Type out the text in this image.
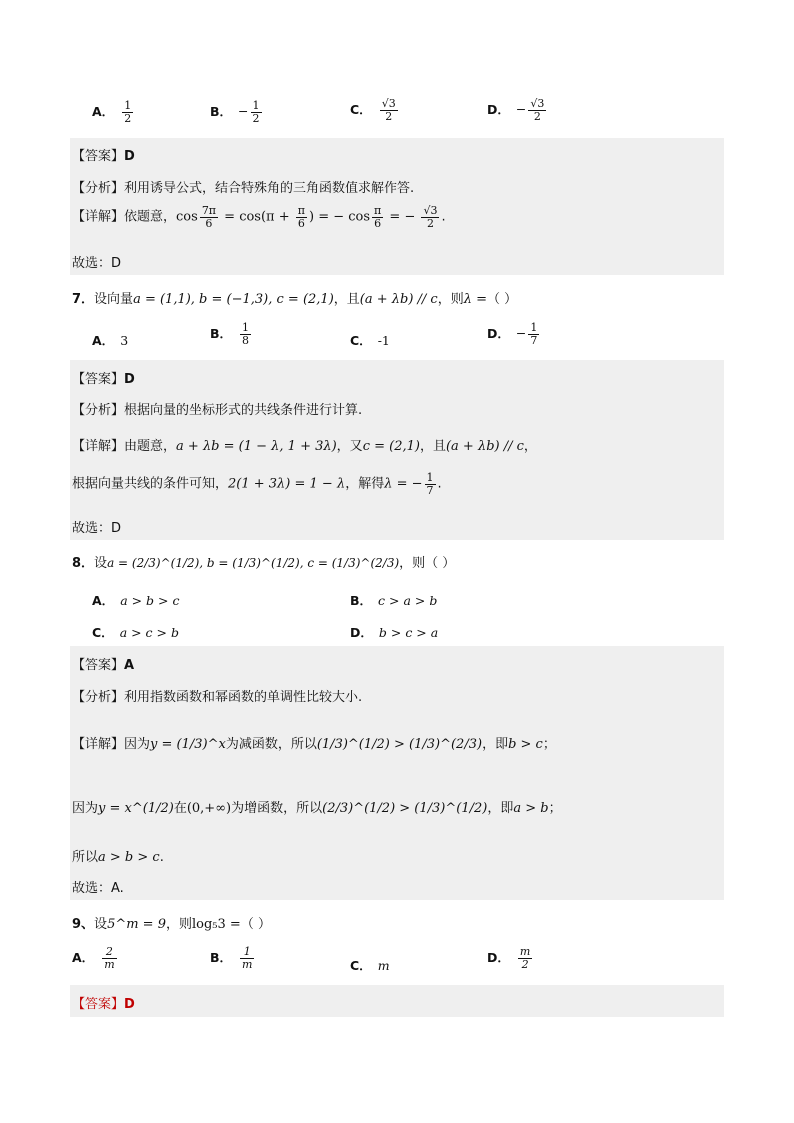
A． $\frac{1}{2}$	B． − $\frac{1}{2}$	C． $\frac{√3}{2}$	D． − $\frac{√3}{2}$
【答案】D
【分析】利用诱导公式，结合特殊角的三角函数值求解作答.
【详解】依题意，$\cos \frac{7\pi}{6} = \cos(\pi + \frac{\pi}{6}$ ) = − $\cos \frac{\pi}{6}$ = − $\frac{√3}{2}$ .
故选：D
7．设向量a = (1,1), b = (−1,3), c = (2,1)，且(a + λb) // c，则λ =（ ）
A． 3	B． $\frac{1}{8}$	C． -1	D． − $\frac{1}{7}$
【答案】D
【分析】根据向量的坐标形式的共线条件进行计算.
【详解】由题意，a + λb = (1 − λ, 1 + 3λ)，又c = (2,1)，且(a + λb) // c，
根据向量共线的条件可知，2(1 + 3λ) = 1 − λ，解得λ = − $\frac{1}{7}$ .
故选：D
8．设a = (2/3)^(1/2), b = (1/3)^(1/2), c = (1/3)^(2/3)，则（ ）
A． a > b > c	B． c > a > b
C． a > c > b	D． b > c > a
【答案】A
【分析】利用指数函数和幂函数的单调性比较大小.
【详解】因为y = (1/3)^x为减函数，所以(1/3)^(1/2) > (1/3)^(2/3)，即b > c；
因为y = x^(1/2)在(0,+∞)为增函数，所以(2/3)^(1/2) > (1/3)^(1/2)，即a > b；
所以a > b > c.
故选：A.
9、设5^m = 9，则log₅3 =（ ）
A． $\frac{2}{m}$	B． $\frac{1}{m}$	C． m
D． $\frac{m}{2}$
【答案】D
